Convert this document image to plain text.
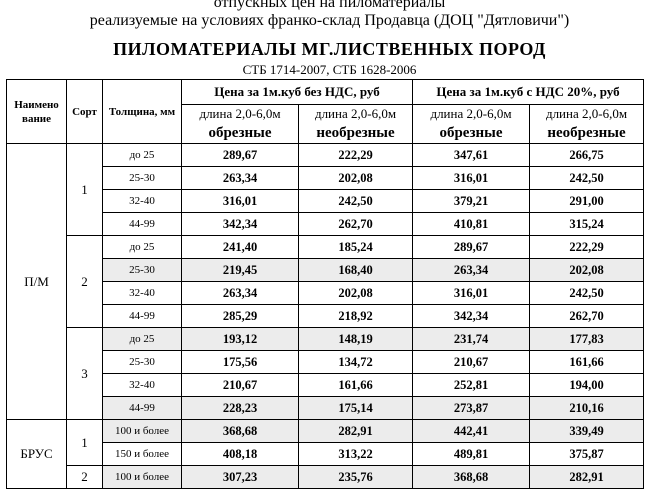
отпускных цен на пиломатериалы
реализуемые на условиях франко-склад Продавца (ДОЦ "Дятловичи")
ПИЛОМАТЕРИАЛЫ МГ.ЛИСТВЕННЫХ ПОРОД
СТБ 1714-2007, СТБ 1628-2006
Наимено вание	Сорт	Толщина, мм	Цена за 1м.куб без НДС, руб		Цена за 1м.куб с НДС 20%, руб	
			длина 2,0-6,0м	длина 2,0-6,0м	длина 2,0-6,0м	длина 2,0-6,0м
			обрезные	необрезные	обрезные	необрезные
П/М	1	до 25	289,67	222,29	347,61	266,75
		25-30	263,34	202,08	316,01	242,50
		32-40	316,01	242,50	379,21	291,00
		44-99	342,34	262,70	410,81	315,24
	2	до 25	241,40	185,24	289,67	222,29
		25-30	219,45	168,40	263,34	202,08
		32-40	263,34	202,08	316,01	242,50
		44-99	285,29	218,92	342,34	262,70
	3	до 25	193,12	148,19	231,74	177,83
		25-30	175,56	134,72	210,67	161,66
		32-40	210,67	161,66	252,81	194,00
		44-99	228,23	175,14	273,87	210,16
БРУС	1	100 и более	368,68	282,91	442,41	339,49
		150 и более	408,18	313,22	489,81	375,87
	2	100 и более	307,23	235,76	368,68	282,91
